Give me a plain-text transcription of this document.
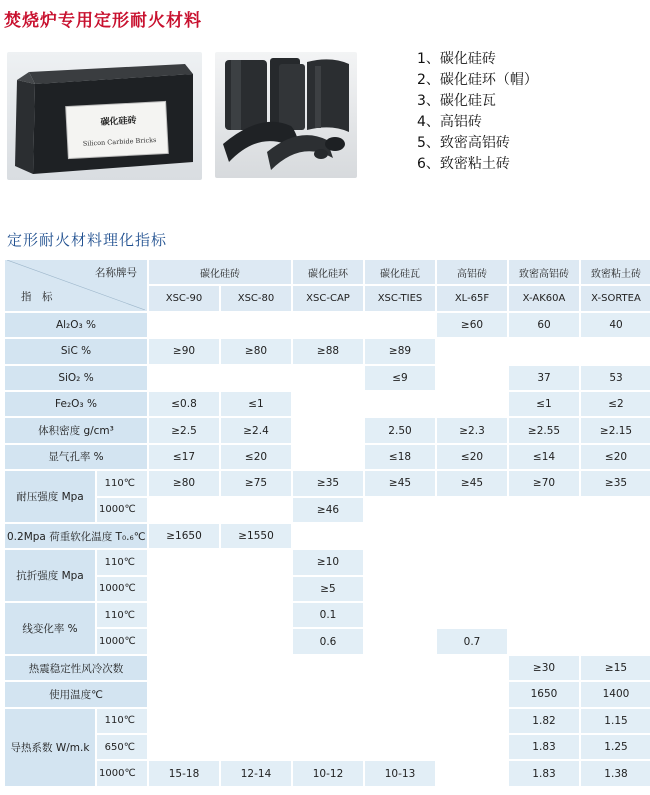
焚烧炉专用定形耐火材料
碳化硅砖
Silicon Carbide Bricks
1、碳化硅砖
2、碳化硅环（帽）
3、碳化硅瓦
4、高铝砖
5、致密高铝砖
6、致密粘土砖
定形耐火材料理化指标
名称牌号
指　标		碳化硅砖		碳化硅环	碳化硅瓦	高铝砖	致密高铝砖	致密粘土砖
		XSC-90	XSC-80	XSC-CAP	XSC-TIES	XL-65F	X-AK60A	X-SORTEA
Al₂O₃ %						≥60	60	40
SiC %		≥90	≥80	≥88	≥89			
SiO₂ %					≤9		37	53
Fe₂O₃ %		≤0.8	≤1				≤1	≤2
体积密度 g/cm³		≥2.5	≥2.4		2.50	≥2.3	≥2.55	≥2.15
显气孔率 %		≤17	≤20		≤18	≤20	≤14	≤20
耐压强度 Mpa	110℃	≥80	≥75	≥35	≥45	≥45	≥70	≥35
	1000℃			≥46				
0.2Mpa 荷重软化温度 T₀.₆℃		≥1650	≥1550					
抗折强度 Mpa	110℃			≥10				
	1000℃			≥5				
线变化率 %	110℃			0.1				
	1000℃			0.6		0.7		
热震稳定性风冷次数							≥30	≥15
使用温度℃							1650	1400
导热系数 W/m.k	110℃						1.82	1.15
	650℃						1.83	1.25
	1000℃	15-18	12-14	10-12	10-13		1.83	1.38
